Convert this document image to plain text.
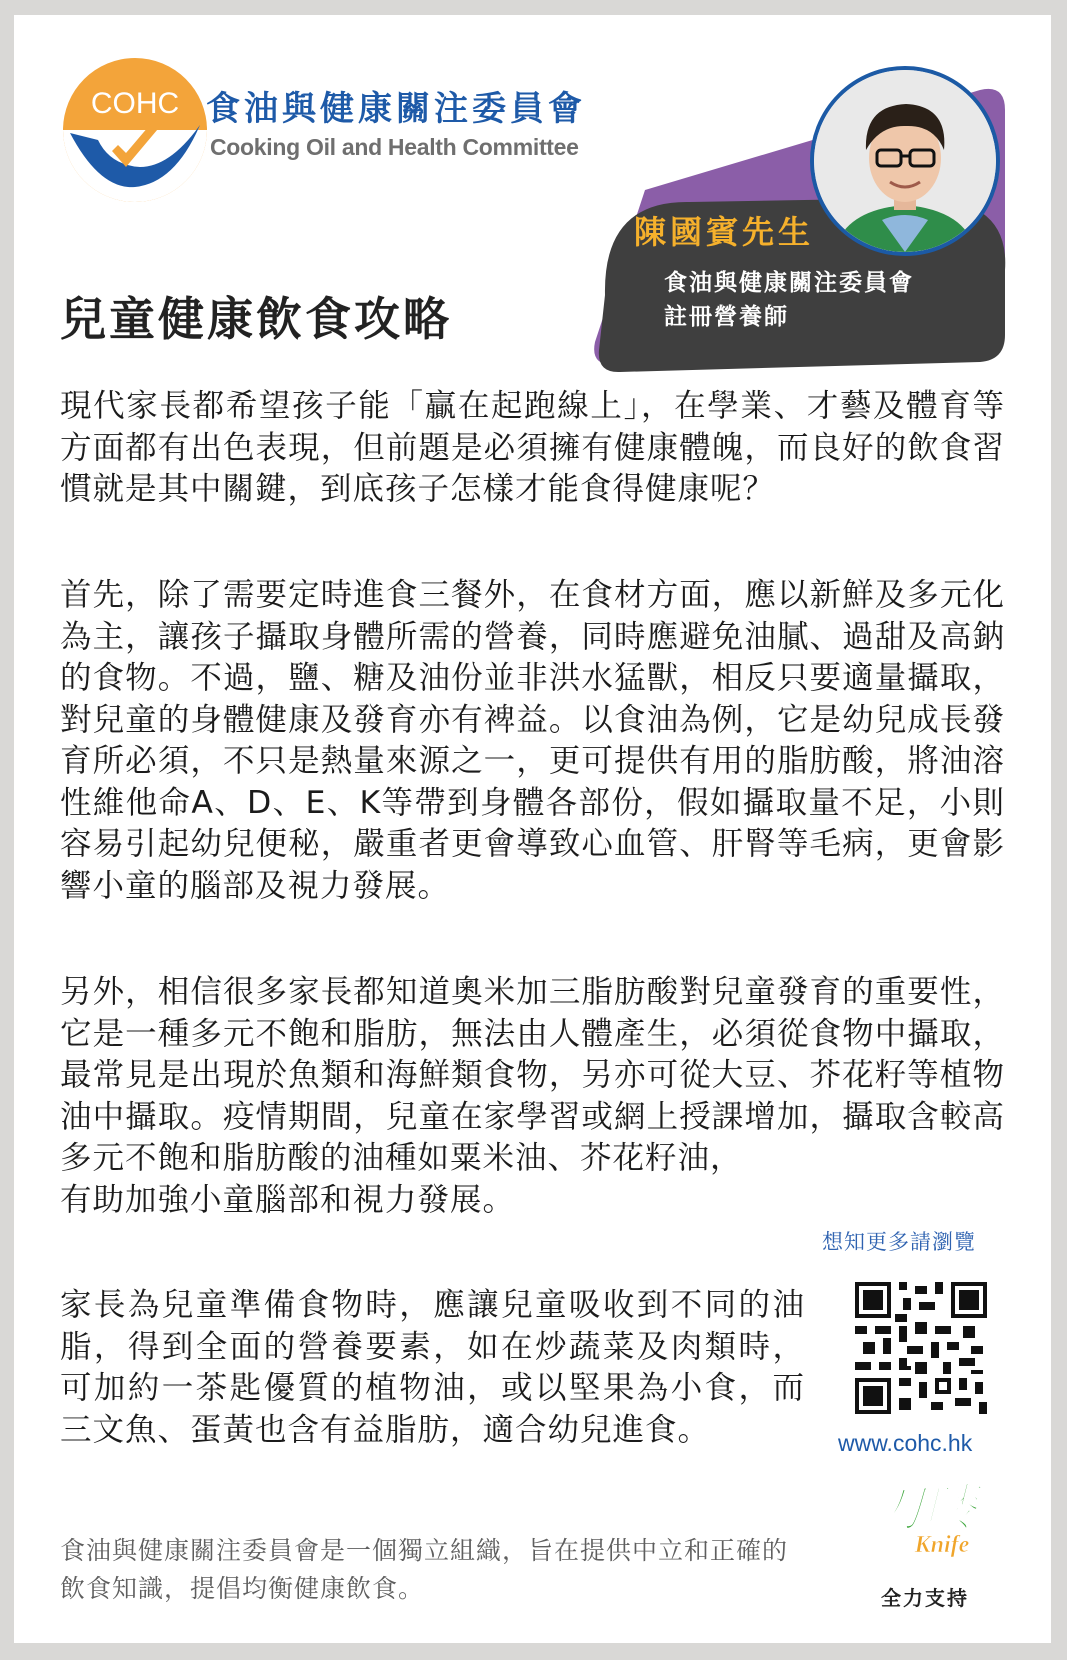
COHC 食油與健康關注委員會

Cooking Oil and Health Committee

陳國賓先生

食油與健康關注委員會
註冊營養師

兒童健康飲食攻略

現代家長都希望孩子能「贏在起跑線上」，在學業、才藝及體育等方面都有出色表現，但前題是必須擁有健康體魄，而良好的飲食習慣就是其中關鍵，到底孩子怎樣才能食得健康呢？

首先，除了需要定時進食三餐外，在食材方面，應以新鮮及多元化為主，讓孩子攝取身體所需的營養，同時應避免油膩、過甜及高鈉的食物。不過，鹽、糖及油份並非洪水猛獸，相反只要適量攝取，對兒童的身體健康及發育亦有裨益。以食油為例，它是幼兒成長發育所必須，不只是熱量來源之一，更可提供有用的脂肪酸，將油溶性維他命A、D、E、K等帶到身體各部份，假如攝取量不足，小則容易引起幼兒便秘，嚴重者更會導致心血管、肝腎等毛病，更會影響小童的腦部及視力發展。

另外，相信很多家長都知道奧米加三脂肪酸對兒童發育的重要性，它是一種多元不飽和脂肪，無法由人體產生，必須從食物中攝取，最常見是出現於魚類和海鮮類食物，另亦可從大豆、芥花籽等植物油中攝取。疫情期間，兒童在家學習或網上授課增加，攝取含較高多元不飽和脂肪酸的油種如粟米油、芥花籽油，
有助加強小童腦部和視力發展。

家長為兒童準備食物時，應讓兒童吸收到不同的油脂，得到全面的營養要素，如在炒蔬菜及肉類時，可加約一茶匙優質的植物油，或以堅果為小食，而三文魚、蛋黃也含有益脂肪，適合幼兒進食。

食油與健康關注委員會是一個獨立組織，旨在提供中立和正確的飲食知識，提倡均衡健康飲食。

想知更多請瀏覽

www.cohc.hk

刀嘜
Knife

全力支持
